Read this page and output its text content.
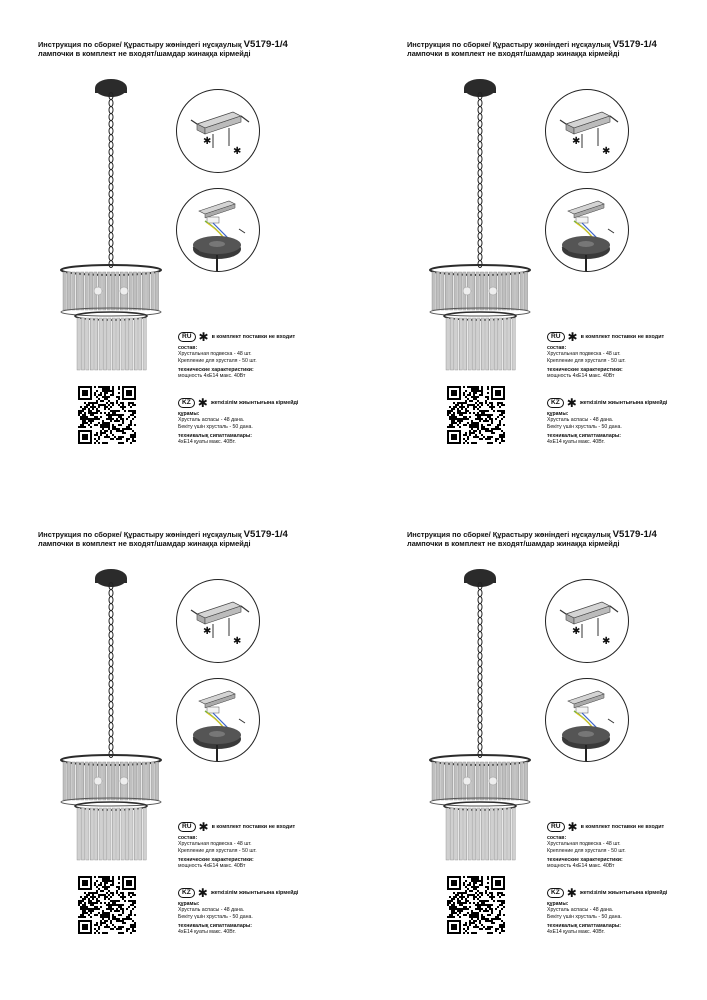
Инструкция по сборке/ Құрастыру жөніндегі нұсқаулық V5179-1/4
лампочки в комплект не входят/шамдар жинаққа кірмейді
✱
✱
RU ✱ в комплект поставки не входит
состав:
Хрустальная подвеска - 48 шт.
Крепление для хрусталя - 50 шт.
технические характеристики:
мощность 4хE14 макс. 40Вт
KZ ✱ жеткізілім жиынтығына кірмейді
құрамы:
Хрусталь аспасы - 48 дана.
Бекіту үшін хрусталь - 50 дана.
техникалық сипаттамалары:
4хE14 қуаты макс. 40Вт.
Инструкция по сборке/ Құрастыру жөніндегі нұсқаулық V5179-1/4
лампочки в комплект не входят/шамдар жинаққа кірмейді
✱
✱
RU ✱ в комплект поставки не входит
состав:
Хрустальная подвеска - 48 шт.
Крепление для хрусталя - 50 шт.
технические характеристики:
мощность 4хE14 макс. 40Вт
KZ ✱ жеткізілім жиынтығына кірмейді
құрамы:
Хрусталь аспасы - 48 дана.
Бекіту үшін хрусталь - 50 дана.
техникалық сипаттамалары:
4хE14 қуаты макс. 40Вт.
Инструкция по сборке/ Құрастыру жөніндегі нұсқаулық V5179-1/4
лампочки в комплект не входят/шамдар жинаққа кірмейді
✱
✱
RU ✱ в комплект поставки не входит
состав:
Хрустальная подвеска - 48 шт.
Крепление для хрусталя - 50 шт.
технические характеристики:
мощность 4хE14 макс. 40Вт
KZ ✱ жеткізілім жиынтығына кірмейді
құрамы:
Хрусталь аспасы - 48 дана.
Бекіту үшін хрусталь - 50 дана.
техникалық сипаттамалары:
4хE14 қуаты макс. 40Вт.
Инструкция по сборке/ Құрастыру жөніндегі нұсқаулық V5179-1/4
лампочки в комплект не входят/шамдар жинаққа кірмейді
✱
✱
RU ✱ в комплект поставки не входит
состав:
Хрустальная подвеска - 48 шт.
Крепление для хрусталя - 50 шт.
технические характеристики:
мощность 4хE14 макс. 40Вт
KZ ✱ жеткізілім жиынтығына кірмейді
құрамы:
Хрусталь аспасы - 48 дана.
Бекіту үшін хрусталь - 50 дана.
техникалық сипаттамалары:
4хE14 қуаты макс. 40Вт.
